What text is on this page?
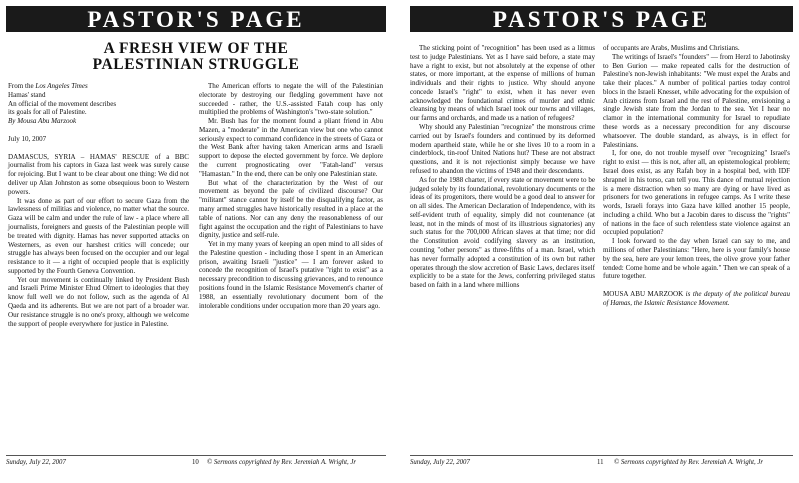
PASTOR'S PAGE
A FRESH VIEW OF THE
PALESTINIAN STRUGGLE

From the Los Angeles Times

Hamas' stand

An official of the movement describes

its goals for all of Palestine.

By Mousa Abu Marzook

July 10, 2007

DAMASCUS, SYRIA – HAMAS' RESCUE of a BBC journalist from his captors in Gaza last week was surely cause for rejoicing. But I want to be clear about one thing: We did not deliver up Alan Johnston as some obsequious boon to Western powers.

It was done as part of our effort to secure Gaza from the lawlessness of militias and violence, no matter what the source. Gaza will be calm and under the rule of law - a place where all journalists, foreigners and guests of the Palestinian people will be treated with dignity. Hamas has never supported attacks on Westerners, as even our harshest critics will concede; our struggle has always been focused on the occupier and our legal resistance to it — a right of occupied people that is explicitly supported by the Fourth Geneva Convention.

Yet our movement is continually linked by President Bush and Israeli Prime Minister Ehud Olmert to ideologies that they know full well we do not follow, such as the agenda of Al Qaeda and its adherents. But we are not part of a broader war. Our resistance struggle is no one's proxy, although we welcome the support of people everywhere for justice in Palestine.

The American efforts to negate the will of the Palestinian electorate by destroying our fledgling government have not succeeded - rather, the U.S.-assisted Fatah coup has only multiplied the problems of Washington's "two-state solution."

Mr. Bush has for the moment found a pliant friend in Abu Mazen, a "moderate" in the American view but one who cannot seriously expect to command confidence in the streets of Gaza or the West Bank after having taken American arms and Israeli support to depose the elected government by force. We deplore the current prognosticating over "Fatah-land" versus "Hamastan." In the end, there can be only one Palestinian state.

But what of the characterization by the West of our movement as beyond the pale of civilized discourse? Our "militant" stance cannot by itself be the disqualifying factor, as many armed struggles have historically resulted in a place at the table of nations. Nor can any deny the reasonableness of our fight against the occupation and the right of Palestinians to have dignity, justice and self-rule.

Yet in my many years of keeping an open mind to all sides of the Palestine question - including those I spent in an American prison, awaiting Israeli "justice" — I am forever asked to concede the recognition of Israel's putative "right to exist" as a necessary precondition to discussing grievances, and to renounce positions found in the Islamic Resistance Movement's charter of 1988, an essentially revolutionary document born of the intolerable conditions under occupation more than 20 years ago.

Sunday, July 22, 2007	10 © Sermons copyrighted by Rev. Jeremiah A. Wright, Jr
PASTOR'S PAGE

The sticking point of "recognition" has been used as a litmus test to judge Palestinians. Yet as I have said before, a state may have a right to exist, but not absolutely at the expense of other states, or more important, at the expense of millions of human individuals and their rights to justice. Why should anyone concede Israel's "right" to exist, when it has never even acknowledged the foundational crimes of murder and ethnic cleansing by means of which Israel took our towns and villages, our farms and orchards, and made us a nation of refugees?

Why should any Palestinian "recognize" the monstrous crime carried out by Israel's founders and continued by its deformed modern apartheid state, while he or she lives 10 to a room in a cinderblock, tin-roof United Nations hut? These are not abstract questions, and it is not rejectionist simply because we have refused to abandon the victims of 1948 and their descendants.

As for the 1988 charter, if every state or movement were to be judged solely by its foundational, revolutionary documents or the ideas of its progenitors, there would be a good deal to answer for on all sides. The American Declaration of Independence, with its self-evident truth of equality, simply did not countenance (at least, not in the minds of most of its illustrious signatories) any such status for the 700,000 African slaves at that time; nor did the Constitution avoid codifying slavery as an institution, counting "other persons" as three-fifths of a man. Israel, which has never formally adopted a constitution of its own but rather operates through the slow accretion of Basic Laws, declares itself explicitly to be a state for the Jews, conferring privileged status based on faith in a land where millions

of occupants are Arabs, Muslims and Christians.

The writings of Israel's "founders" — from Herzl to Jabotinsky to Ben Gurion — make repeated calls for the destruction of Palestine's non-Jewish inhabitants: "We must expel the Arabs and take their places." A number of political parties today control blocs in the Israeli Knesset, while advocating for the expulsion of Arab citizens from Israel and the rest of Palestine, envisioning a single Jewish state from the Jordan to the sea. Yet I hear no clamor in the international community for Israel to repudiate these words as a necessary precondition for any discourse whatsoever. The double standard, as always, is in effect for Palestinians.

I, for one, do not trouble myself over "recognizing" Israel's right to exist — this is not, after all, an epistemological problem; Israel does exist, as any Rafah boy in a hospital bed, with IDF shrapnel in his torso, can tell you. This dance of mutual rejection is a mere distraction when so many are dying or have lived as prisoners for two generations in refugee camps. As I write these words, Israeli forays into Gaza have killed another 15 people, including a child. Who but a Jacobin dares to discuss the "rights" of nations in the face of such relentless state violence against an occupied population?

I look forward to the day when Israel can say to me, and millions of other Palestinians: "Here, here is your family's house by the sea, here are your lemon trees, the olive grove your father tended: Come home and be whole again." Then we can speak of a future together.

MOUSA ABU MARZOOK is the deputy of the political bureau of Hamas, the Islamic Resistance Movement.

Sunday, July 22, 2007	11 © Sermons copyrighted by Rev. Jeremiah A. Wright, Jr
